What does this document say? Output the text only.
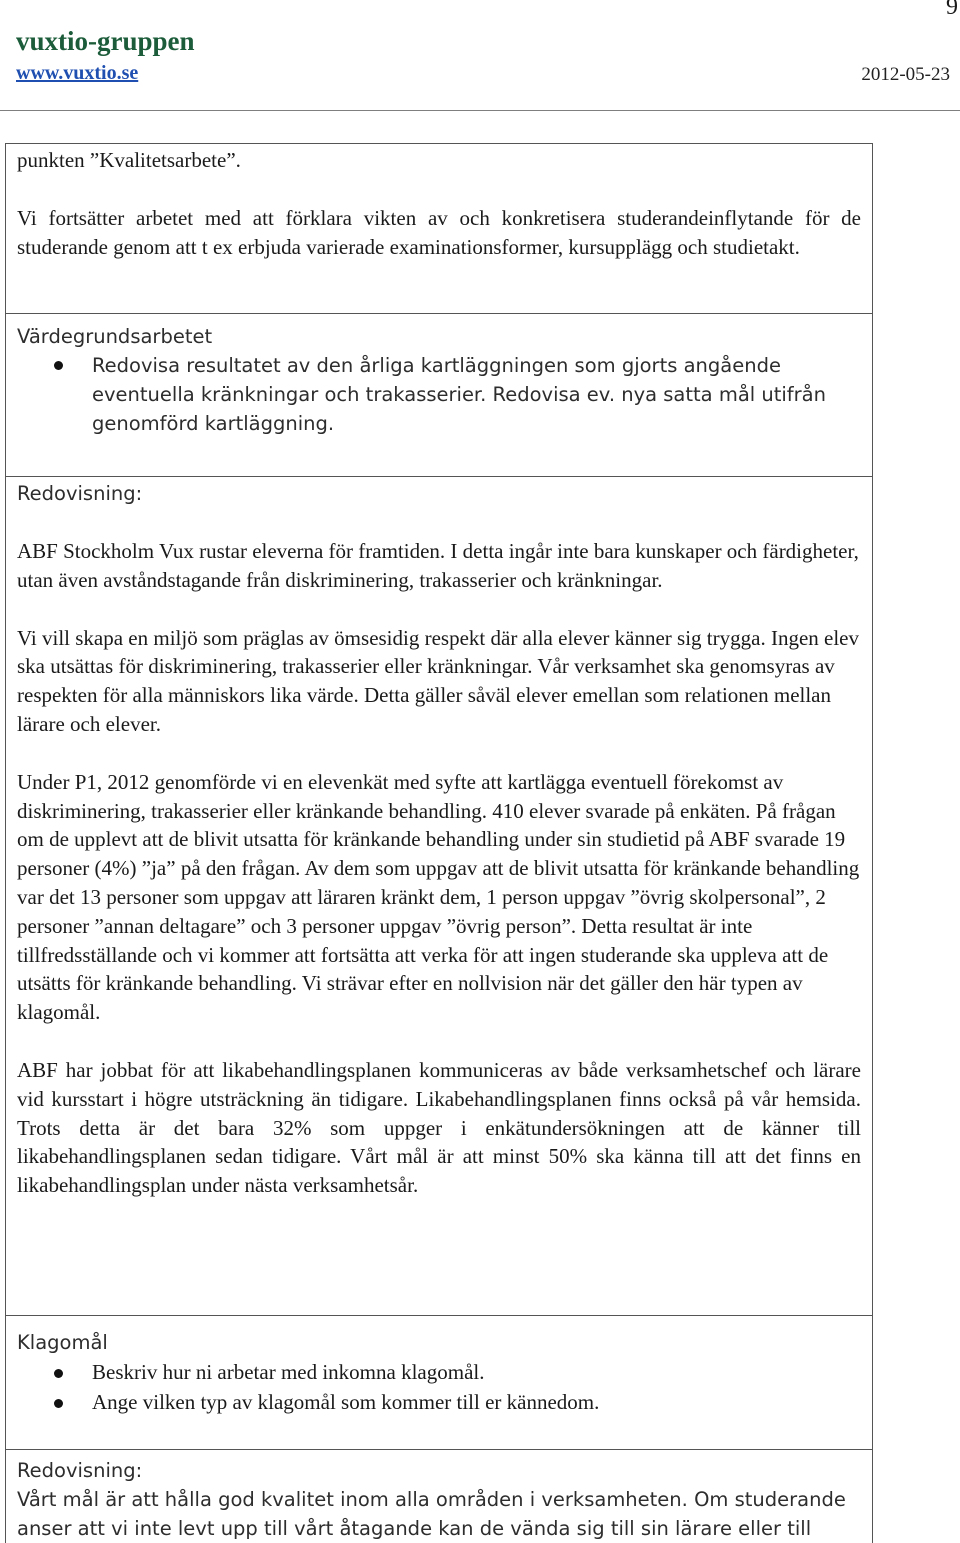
9
vuxtio-gruppen
www.vuxtio.se	2012-05-23

punkten ”Kvalitetsarbete”.

Vi fortsätter arbetet med att förklara vikten av och konkretisera studerandeinflytande för de studerande genom att t ex erbjuda varierade examinationsformer, kursupplägg och studietakt.

Värdegrundsarbetet

Redovisa resultatet av den årliga kartläggningen som gjorts angående eventuella kränkningar och trakasserier. Redovisa ev. nya satta mål utifrån genomförd kartläggning.

Redovisning:

ABF Stockholm Vux rustar eleverna för framtiden. I detta ingår inte bara kunskaper och färdigheter, utan även avståndstagande från diskriminering, trakasserier och kränkningar.

Vi vill skapa en miljö som präglas av ömsesidig respekt där alla elever känner sig trygga. Ingen elev ska utsättas för diskriminering, trakasserier eller kränkningar. Vår verksamhet ska genomsyras av respekten för alla människors lika värde. Detta gäller såväl elever emellan som relationen mellan lärare och elever.

Under P1, 2012 genomförde vi en elevenkät med syfte att kartlägga eventuell förekomst av diskriminering, trakasserier eller kränkande behandling. 410 elever svarade på enkäten. På frågan om de upplevt att de blivit utsatta för kränkande behandling under sin studietid på ABF svarade 19 personer (4%) ”ja” på den frågan. Av dem som uppgav att de blivit utsatta för kränkande behandling var det 13 personer som uppgav att läraren kränkt dem, 1 person uppgav ”övrig skolpersonal”, 2 personer ”annan deltagare” och 3 personer uppgav ”övrig person”. Detta resultat är inte tillfredsställande och vi kommer att fortsätta att verka för att ingen studerande ska uppleva att de utsätts för kränkande behandling. Vi strävar efter en nollvision när det gäller den här typen av klagomål.

ABF har jobbat för att likabehandlingsplanen kommuniceras av både verksamhetschef och lärare vid kursstart i högre utsträckning än tidigare. Likabehandlingsplanen finns också på vår hemsida. Trots detta är det bara 32% som uppger i enkätundersökningen att de känner till likabehandlingsplanen sedan tidigare. Vårt mål är att minst 50% ska känna till att det finns en likabehandlingsplan under nästa verksamhetsår.

Klagomål

Beskriv hur ni arbetar med inkomna klagomål.

Ange vilken typ av klagomål som kommer till er kännedom.

Redovisning:

Vårt mål är att hålla god kvalitet inom alla områden i verksamheten. Om studerande anser att vi inte levt upp till vårt åtagande kan de vända sig till sin lärare eller till
